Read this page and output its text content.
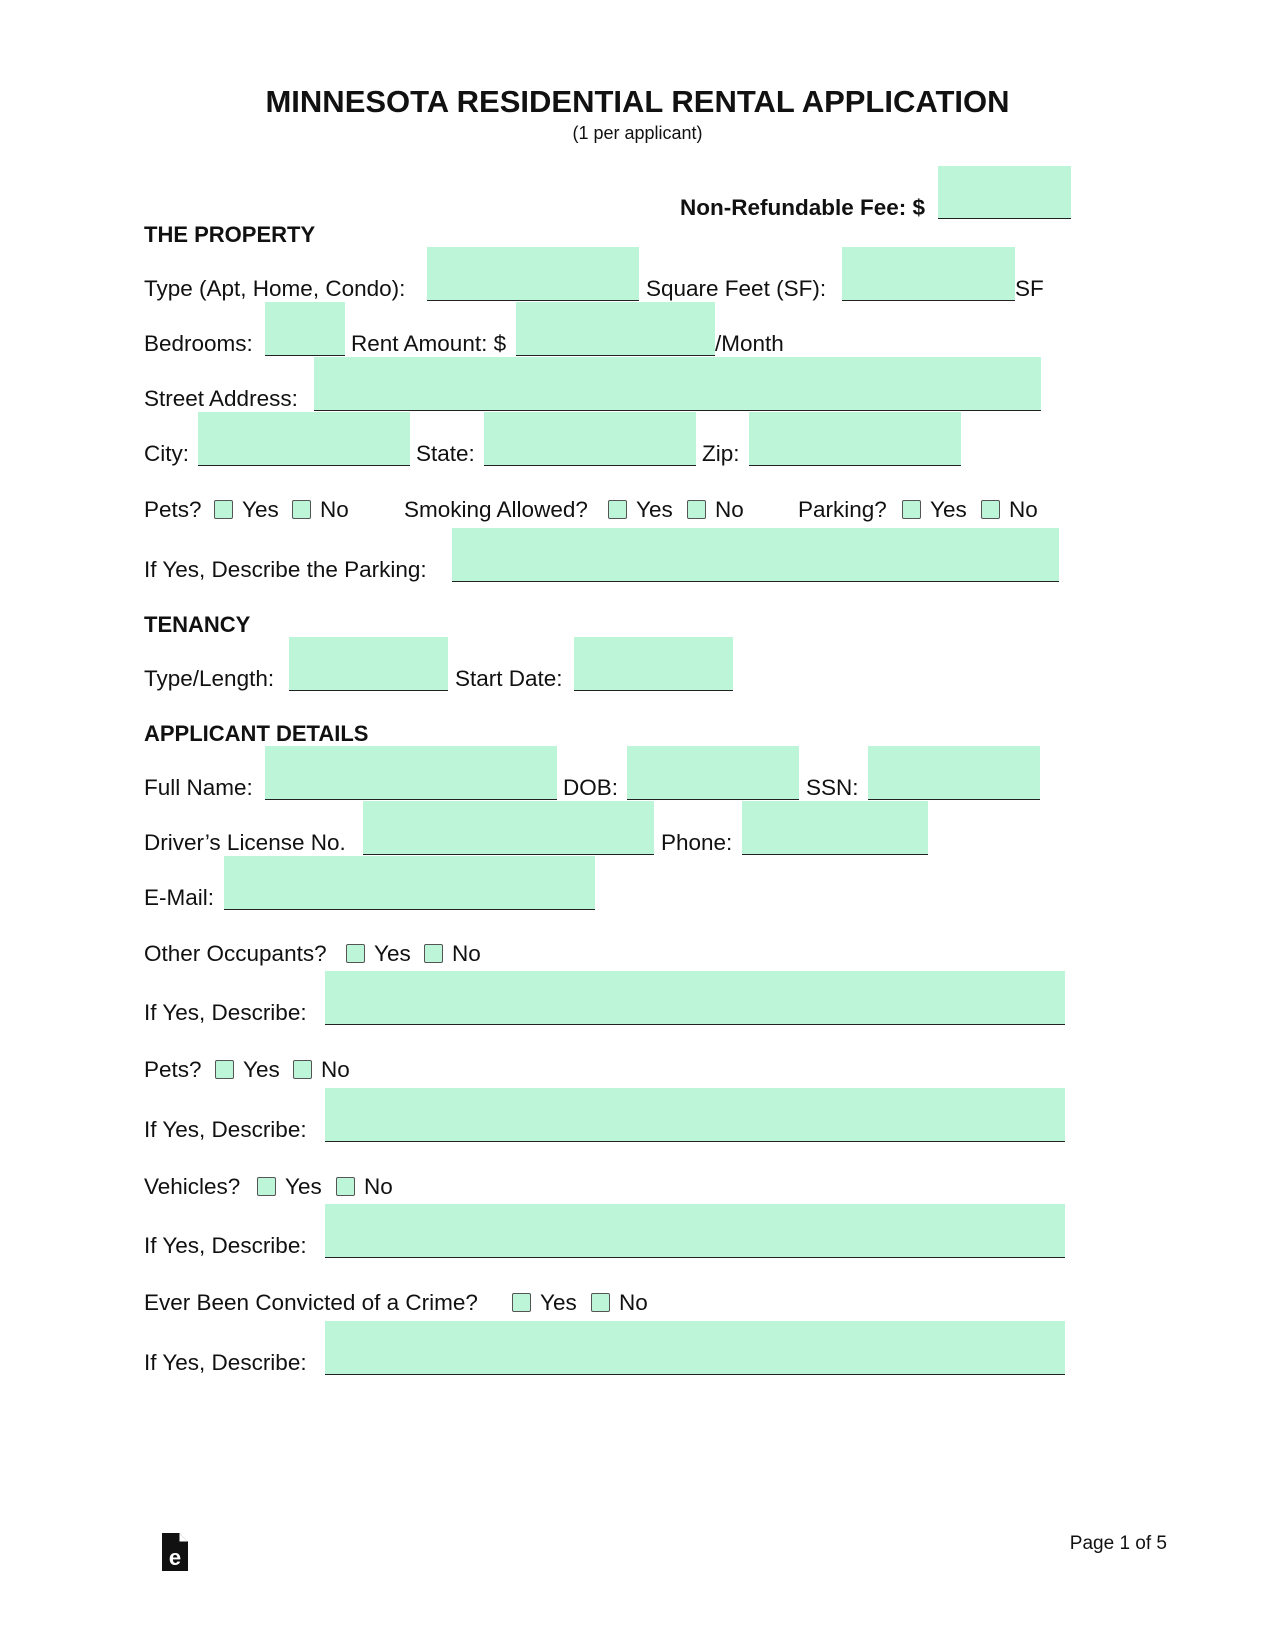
MINNESOTA RESIDENTIAL RENTAL APPLICATION
(1 per applicant)
Non-Refundable Fee: $
THE PROPERTY
Type (Apt, Home, Condo):	Square Feet (SF):	SF
Bedrooms:	Rent Amount: $	/Month
Street Address:
City:	State:	Zip:
Pets? Yes No Smoking Allowed? Yes No Parking? Yes No
If Yes, Describe the Parking:
TENANCY
Type/Length:	Start Date:
APPLICANT DETAILS
Full Name:	DOB:	SSN:
Driver’s License No.	Phone:
E-Mail:
Other Occupants? Yes No
If Yes, Describe:
Pets? Yes No
If Yes, Describe:
Vehicles? Yes No
If Yes, Describe:
Ever Been Convicted of a Crime?	Yes No
If Yes, Describe:
e
Page 1 of 5
